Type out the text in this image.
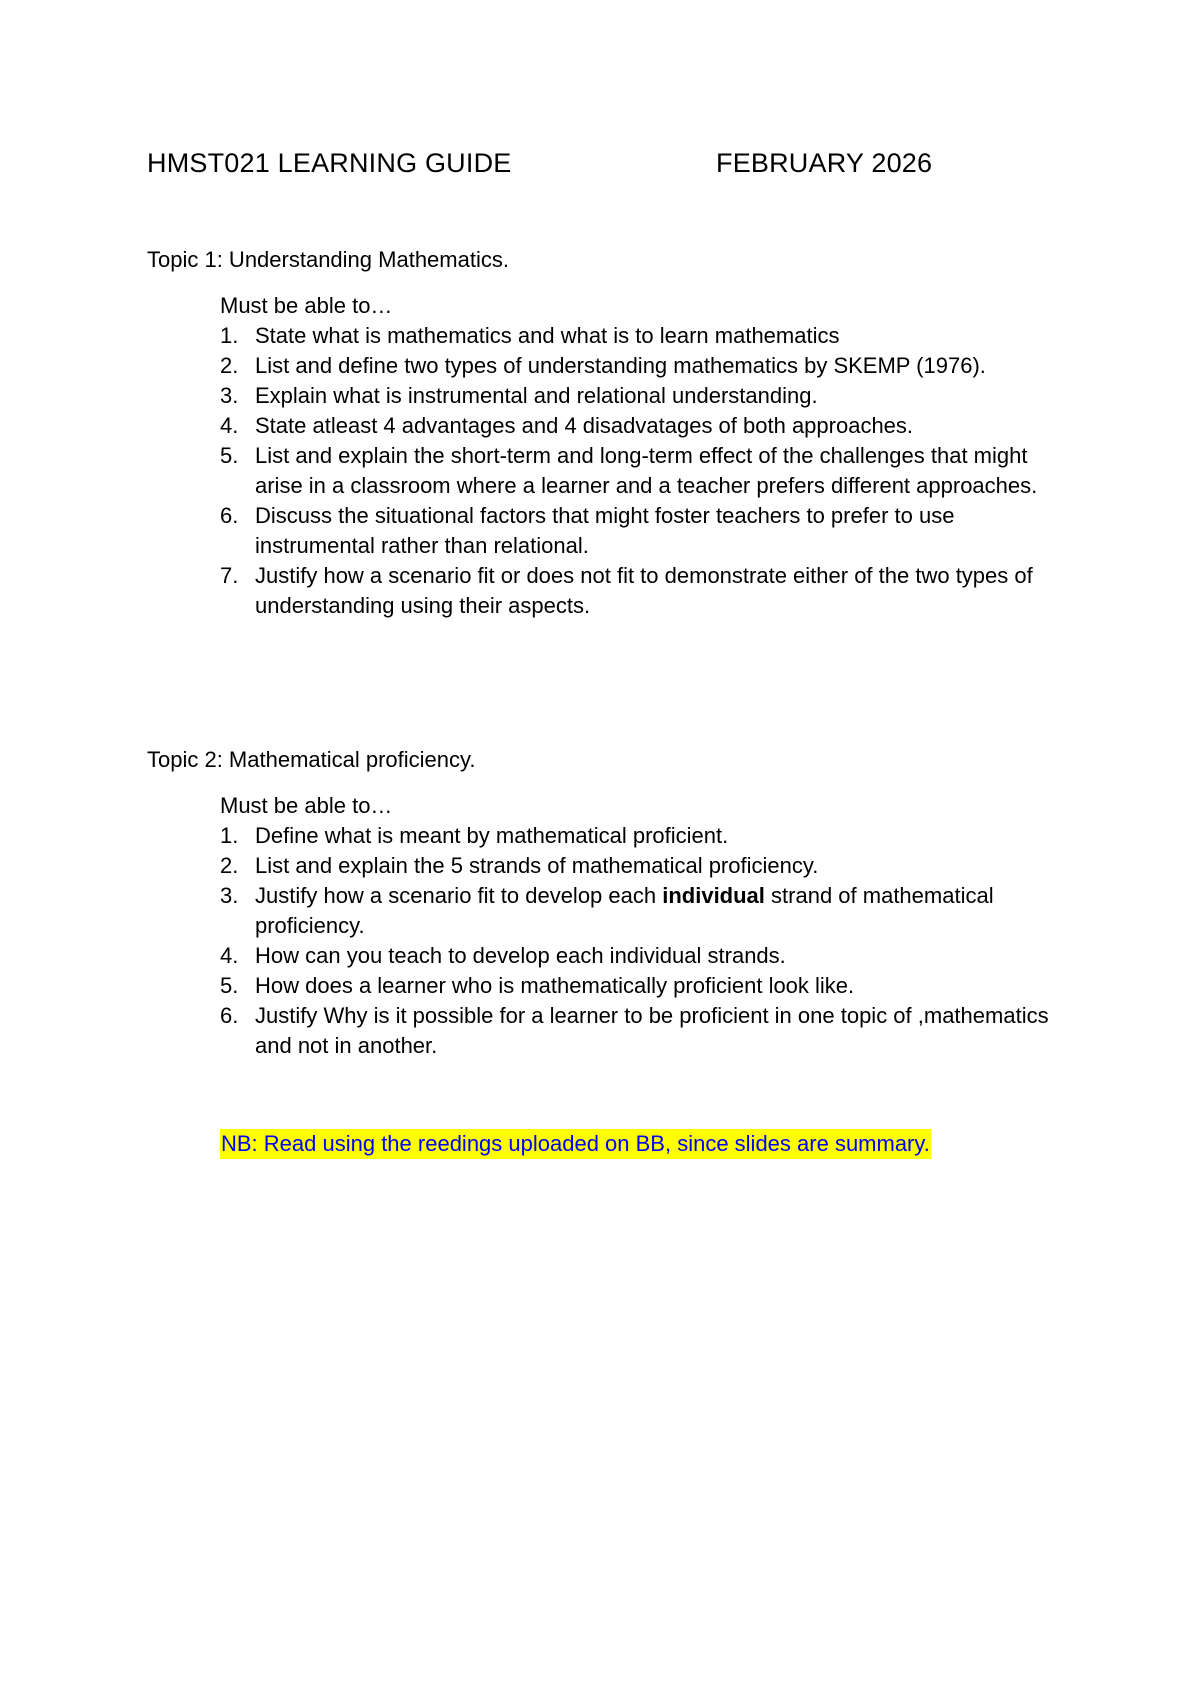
HMST021 LEARNING GUIDE	FEBRUARY 2026
Topic 1: Understanding Mathematics.
Must be able to…
1. State what is mathematics and what is to learn mathematics
2. List and define two types of understanding mathematics by SKEMP (1976).
3. Explain what is instrumental and relational understanding.
4. State atleast 4 advantages and 4 disadvatages of both approaches.
5. List and explain the short-term and long-term effect of the challenges that might arise in a classroom where a learner and a teacher prefers different approaches.
6. Discuss the situational factors that might foster teachers to prefer to use instrumental rather than relational.
7. Justify how a scenario fit or does not fit to demonstrate either of the two types of understanding using their aspects.
Topic 2: Mathematical proficiency.
Must be able to…
1. Define what is meant by mathematical proficient.
2. List and explain the 5 strands of mathematical proficiency.
3. Justify how a scenario fit to develop each individual strand of mathematical proficiency.
4. How can you teach to develop each individual strands.
5. How does a learner who is mathematically proficient look like.
6. Justify Why is it possible for a learner to be proficient in one topic of ,mathematics and not in another.
NB: Read using the reedings uploaded on BB, since slides are summary.
